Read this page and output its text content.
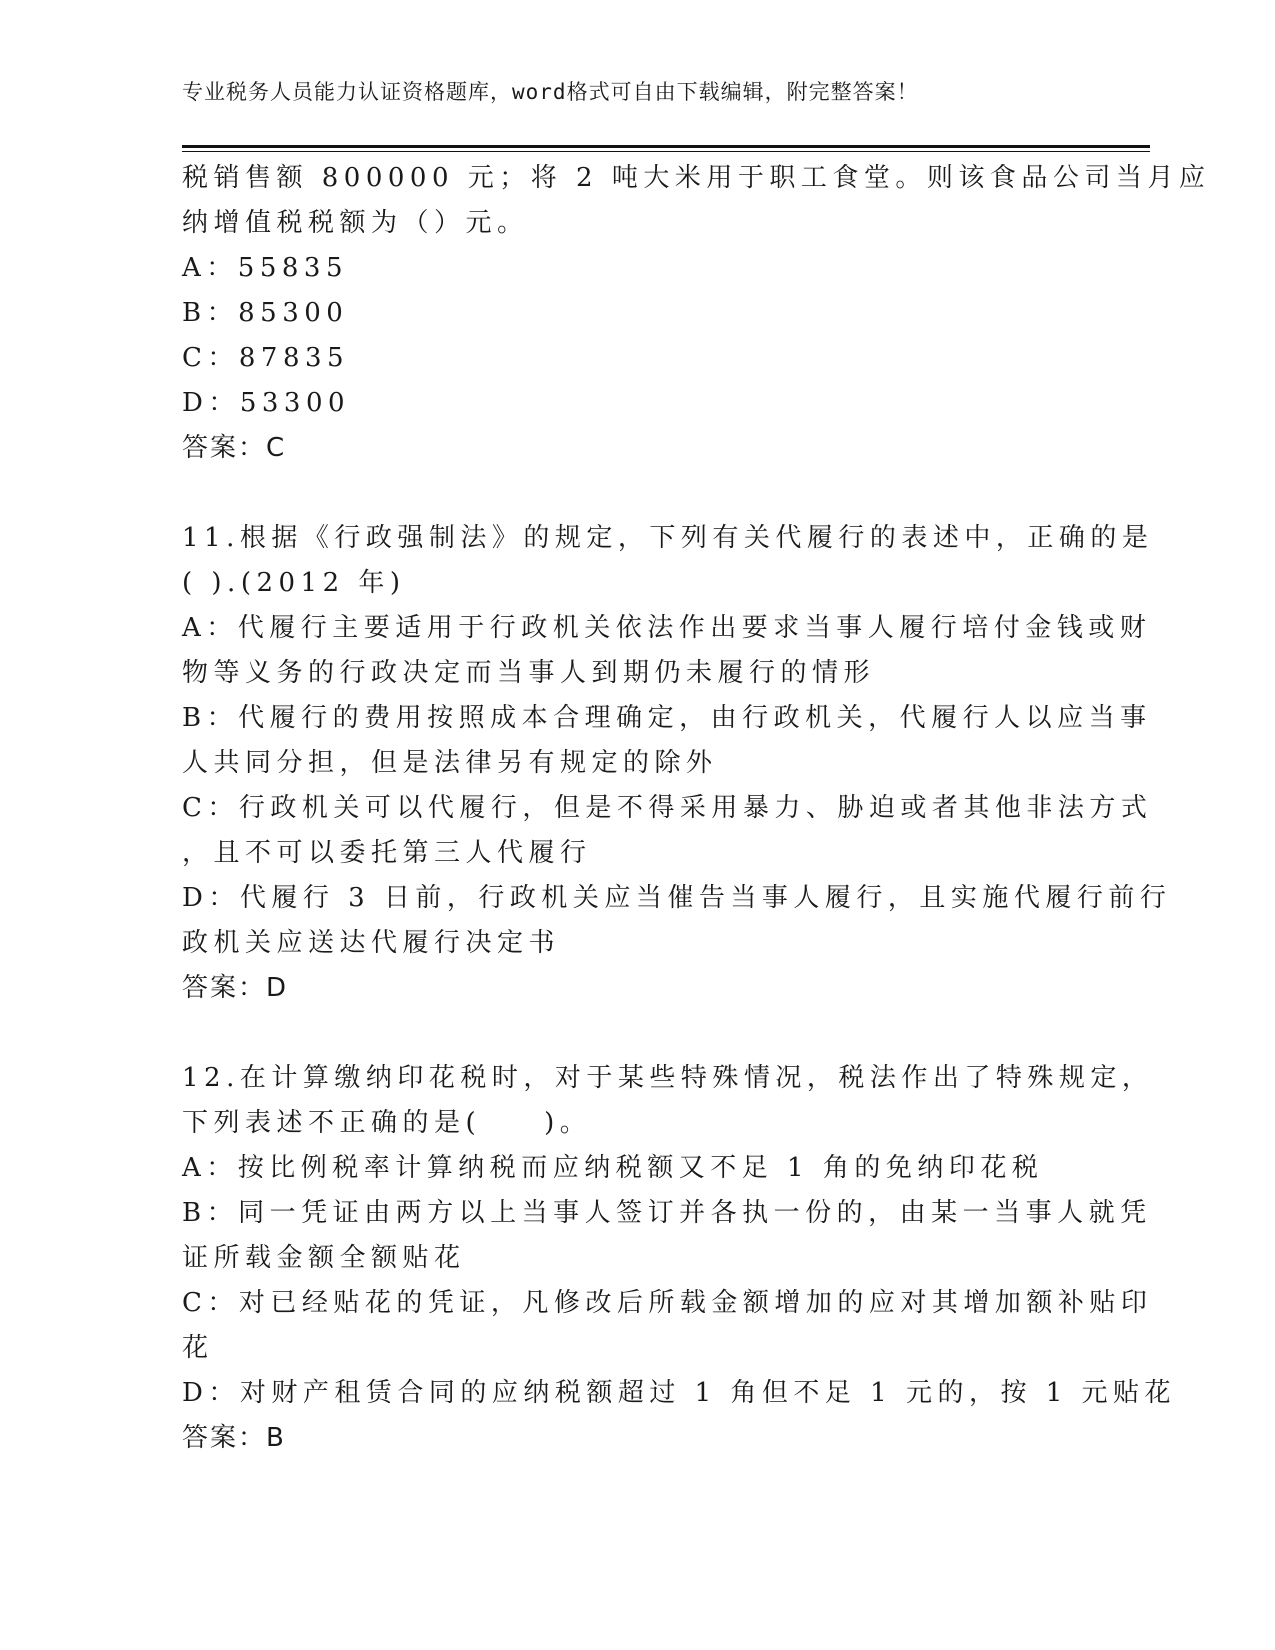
专业税务人员能力认证资格题库，word格式可自由下载编辑，附完整答案！
税销售额 800000 元；将 2 吨大米用于职工食堂。则该食品公司当月应
纳增值税税额为（）元。
A：55835
B：85300
C：87835
D：53300
答案：C
11.根据《行政强制法》的规定，下列有关代履行的表述中，正确的是
( ).(2012 年)
A：代履行主要适用于行政机关依法作出要求当事人履行培付金钱或财
物等义务的行政决定而当事人到期仍未履行的情形
B：代履行的费用按照成本合理确定，由行政机关，代履行人以应当事
人共同分担，但是法律另有规定的除外
C：行政机关可以代履行，但是不得采用暴力、胁迫或者其他非法方式
，且不可以委托第三人代履行
D：代履行 3 日前，行政机关应当催告当事人履行，且实施代履行前行
政机关应送达代履行决定书
答案：D
12.在计算缴纳印花税时，对于某些特殊情况，税法作出了特殊规定，
下列表述不正确的是(　　)。
A：按比例税率计算纳税而应纳税额又不足 1 角的免纳印花税
B：同一凭证由两方以上当事人签订并各执一份的，由某一当事人就凭
证所载金额全额贴花
C：对已经贴花的凭证，凡修改后所载金额增加的应对其增加额补贴印
花
D：对财产租赁合同的应纳税额超过 1 角但不足 1 元的，按 1 元贴花
答案：B
